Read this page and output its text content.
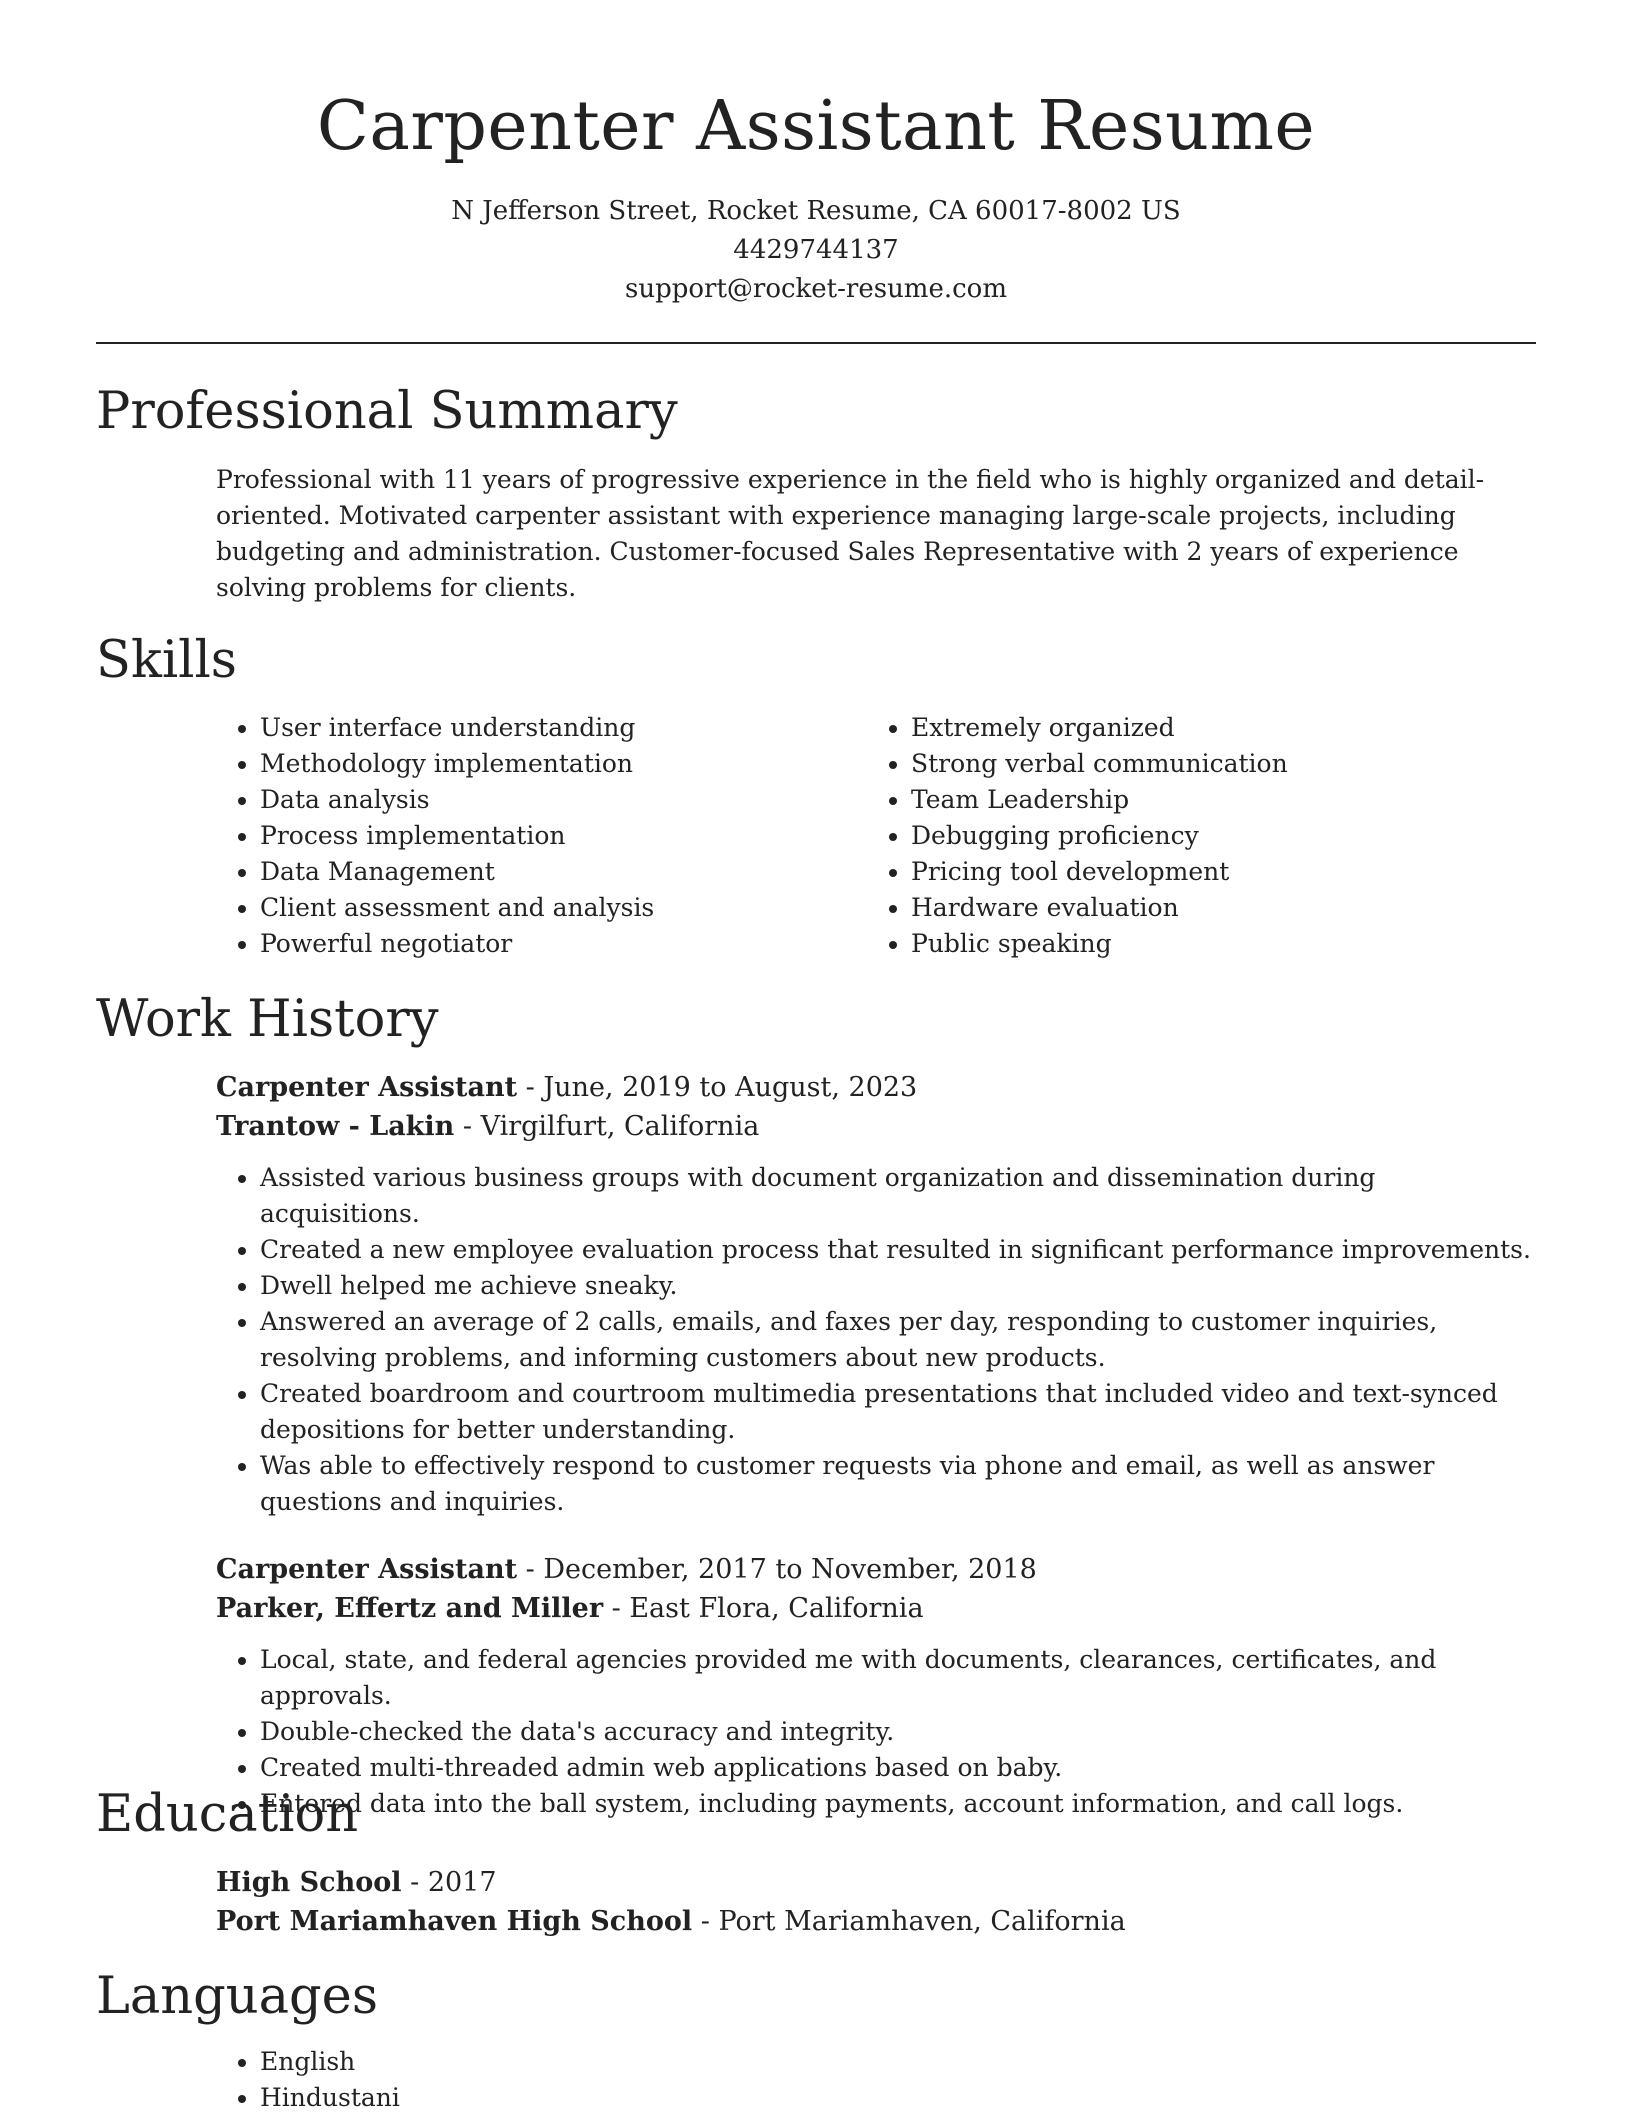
Carpenter Assistant Resume
N Jefferson Street, Rocket Resume, CA 60017-8002 US
4429744137
support@rocket-resume.com
Professional Summary
Professional with 11 years of progressive experience in the field who is highly organized and detail-oriented. Motivated carpenter assistant with experience managing large-scale projects, including budgeting and administration. Customer-focused Sales Representative with 2 years of experience solving problems for clients.
Skills
• User interface understanding
• Methodology implementation
• Data analysis
• Process implementation
• Data Management
• Client assessment and analysis
• Powerful negotiator
• Extremely organized
• Strong verbal communication
• Team Leadership
• Debugging proficiency
• Pricing tool development
• Hardware evaluation
• Public speaking
Work History
Carpenter Assistant - June, 2019 to August, 2023
Trantow - Lakin - Virgilfurt, California
• Assisted various business groups with document organization and dissemination during acquisitions.
• Created a new employee evaluation process that resulted in significant performance improvements.
• Dwell helped me achieve sneaky.
• Answered an average of 2 calls, emails, and faxes per day, responding to customer inquiries, resolving problems, and informing customers about new products.
• Created boardroom and courtroom multimedia presentations that included video and text-synced depositions for better understanding.
• Was able to effectively respond to customer requests via phone and email, as well as answer questions and inquiries.
Carpenter Assistant - December, 2017 to November, 2018
Parker, Effertz and Miller - East Flora, California
• Local, state, and federal agencies provided me with documents, clearances, certificates, and approvals.
• Double-checked the data's accuracy and integrity.
• Created multi-threaded admin web applications based on baby.
• Entered data into the ball system, including payments, account information, and call logs.
Education
High School - 2017
Port Mariamhaven High School - Port Mariamhaven, California
Languages
• English
• Hindustani
